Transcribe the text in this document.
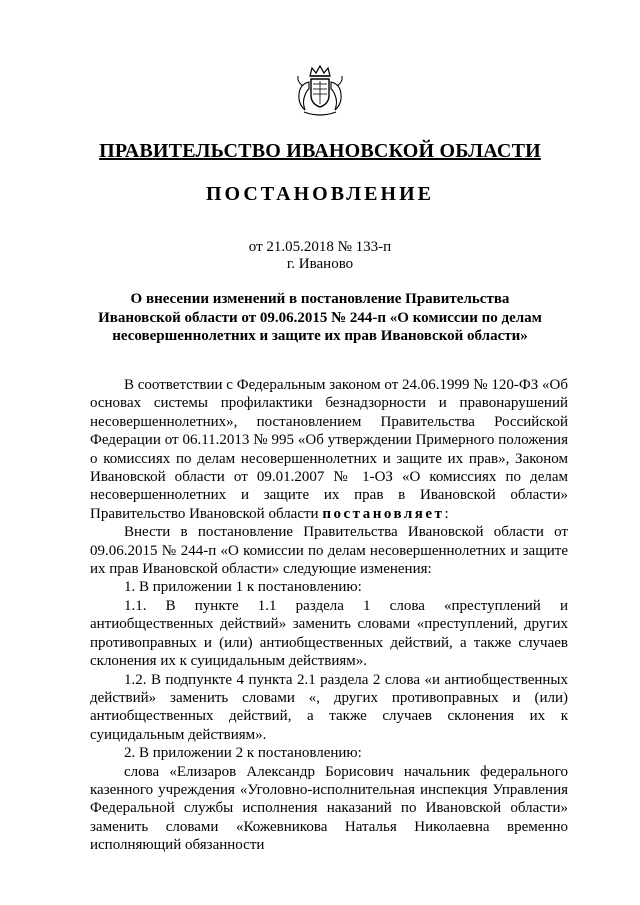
ПРАВИТЕЛЬСТВО ИВАНОВСКОЙ ОБЛАСТИ
ПОСТАНОВЛЕНИЕ
от 21.05.2018 № 133-п
г. Иваново
О внесении изменений в постановление Правительства Ивановской области от 09.06.2015 № 244-п «О комиссии по делам несовершеннолетних и защите их прав Ивановской области»

В соответствии с Федеральным законом от 24.06.1999 № 120-ФЗ «Об основах системы профилактики безнадзорности и правонарушений несовершеннолетних», постановлением Правительства Российской Федерации от 06.11.2013 № 995 «Об утверждении Примерного положения о комиссиях по делам несовершеннолетних и защите их прав», Законом Ивановской области от 09.01.2007 № 1-ОЗ «О комиссиях по делам несовершеннолетних и защите их прав в Ивановской области» Правительство Ивановской области постановляет:

Внести в постановление Правительства Ивановской области от 09.06.2015 № 244-п «О комиссии по делам несовершеннолетних и защите их прав Ивановской области» следующие изменения:

1. В приложении 1 к постановлению:

1.1. В пункте 1.1 раздела 1 слова «преступлений и антиобщественных действий» заменить словами «преступлений, других противоправных и (или) антиобщественных действий, а также случаев склонения их к суицидальным действиям».

1.2. В подпункте 4 пункта 2.1 раздела 2 слова «и антиобщественных действий» заменить словами «, других противоправных и (или) антиобщественных действий, а также случаев склонения их к суицидальным действиям».

2. В приложении 2 к постановлению:

слова «Елизаров Александр Борисович начальник федерального казенного учреждения «Уголовно-исполнительная инспекция Управления Федеральной службы исполнения наказаний по Ивановской области» заменить словами «Кожевникова Наталья Николаевна временно исполняющий обязанности
